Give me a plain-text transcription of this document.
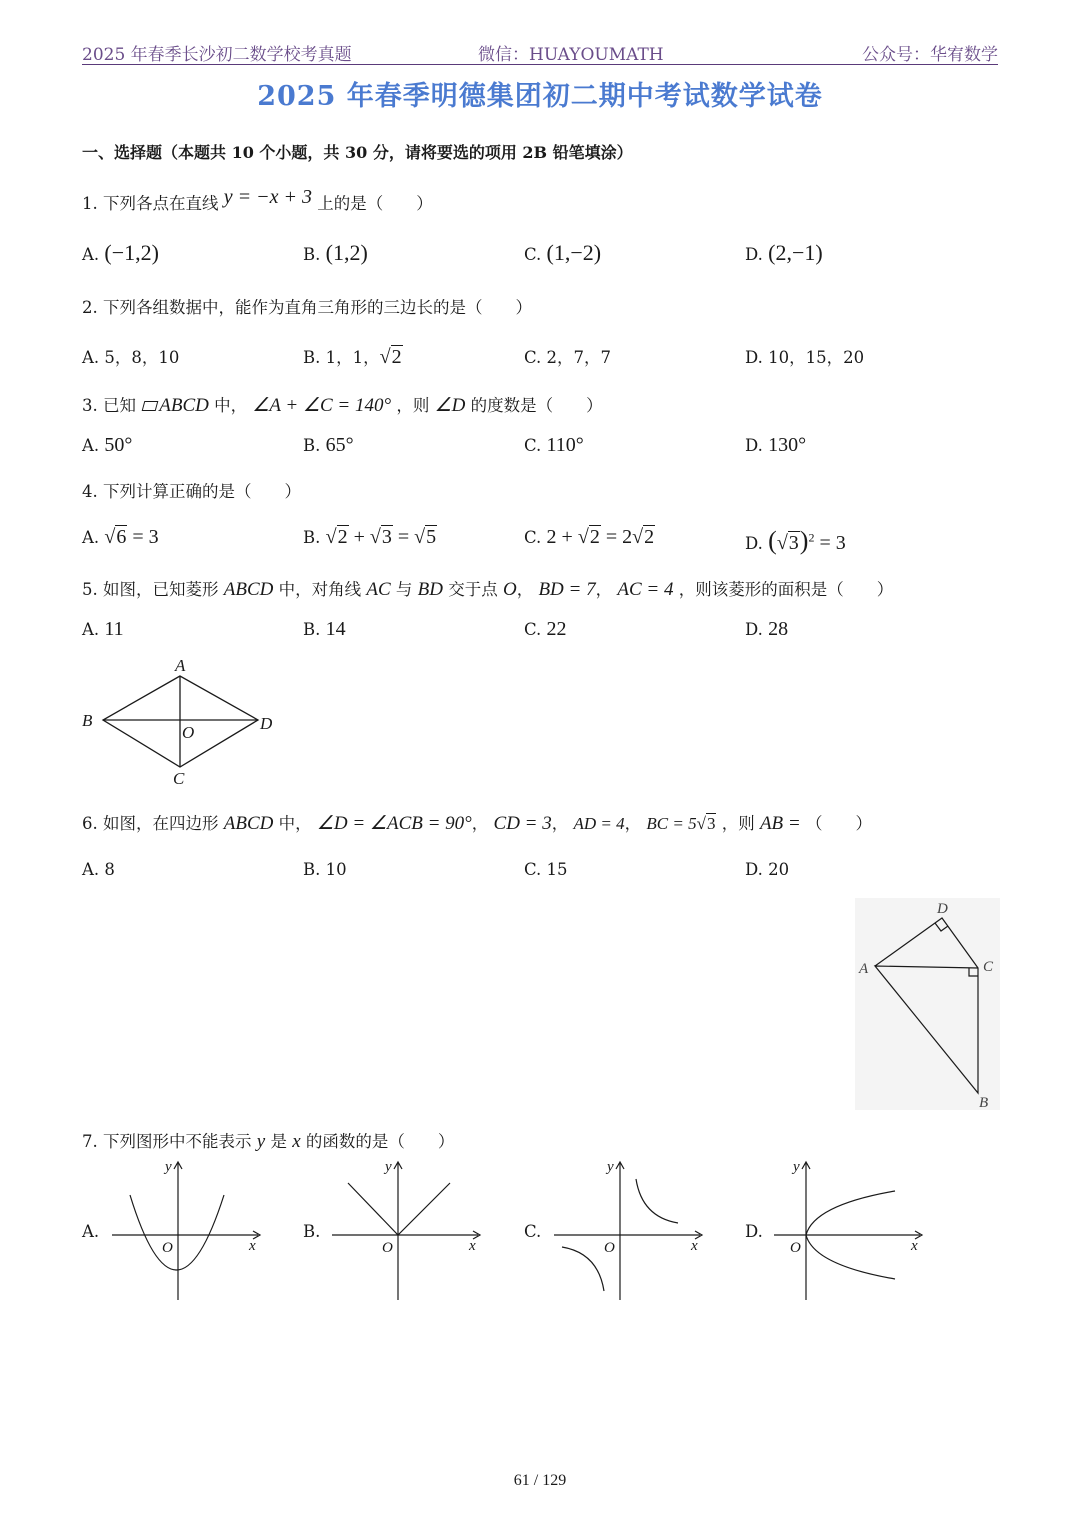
2025 年春季长沙初二数学校考真题	微信：HUAYOUMATH	公众号：华宥数学
2025 年春季明德集团初二期中考试数学试卷
一、选择题（本题共 10 个小题，共 30 分，请将要选的项用 2B 铅笔填涂）
1. 下列各点在直线 y = −x + 3 上的是（　　）
A. (−1,2)	B. (1,2)	C. (1,−2)	D. (2,−1)
2. 下列各组数据中，能作为直角三角形的三边长的是（　　）
A. 5，8，10	B. 1，1，√2	C. 2，7，7	D. 10，15，20
3. 已知 ABCD 中， ∠A + ∠C = 140° ，则 ∠D 的度数是（　　）
A. 50°	B. 65°	C. 110°	D. 130°
4. 下列计算正确的是（　　）
A. √6 = 3	B. √2 + √3 = √5	C. 2 + √2 = 2√2	D. $(√3)^2 = 3$
5. 如图，已知菱形 ABCD 中，对角线 AC 与 BD 交于点 O， BD = 7， AC = 4 ，则该菱形的面积是（　　）
A. 11	B. 14	C. 22	D. 28
A
B
C
D
O
6. 如图，在四边形 ABCD 中， ∠D = ∠ACB = 90°， CD = 3， AD = 4， BC = 5√3 ，则 AB = （　　）
A. 8	B. 10	C. 15	D. 20
D
A	C
B
7. 下列图形中不能表示 y 是 x 的函数的是（　　）
A.	B.	C.	D.
x
y
O	x
y
O	x
y
O	x
y
O
61 / 129
